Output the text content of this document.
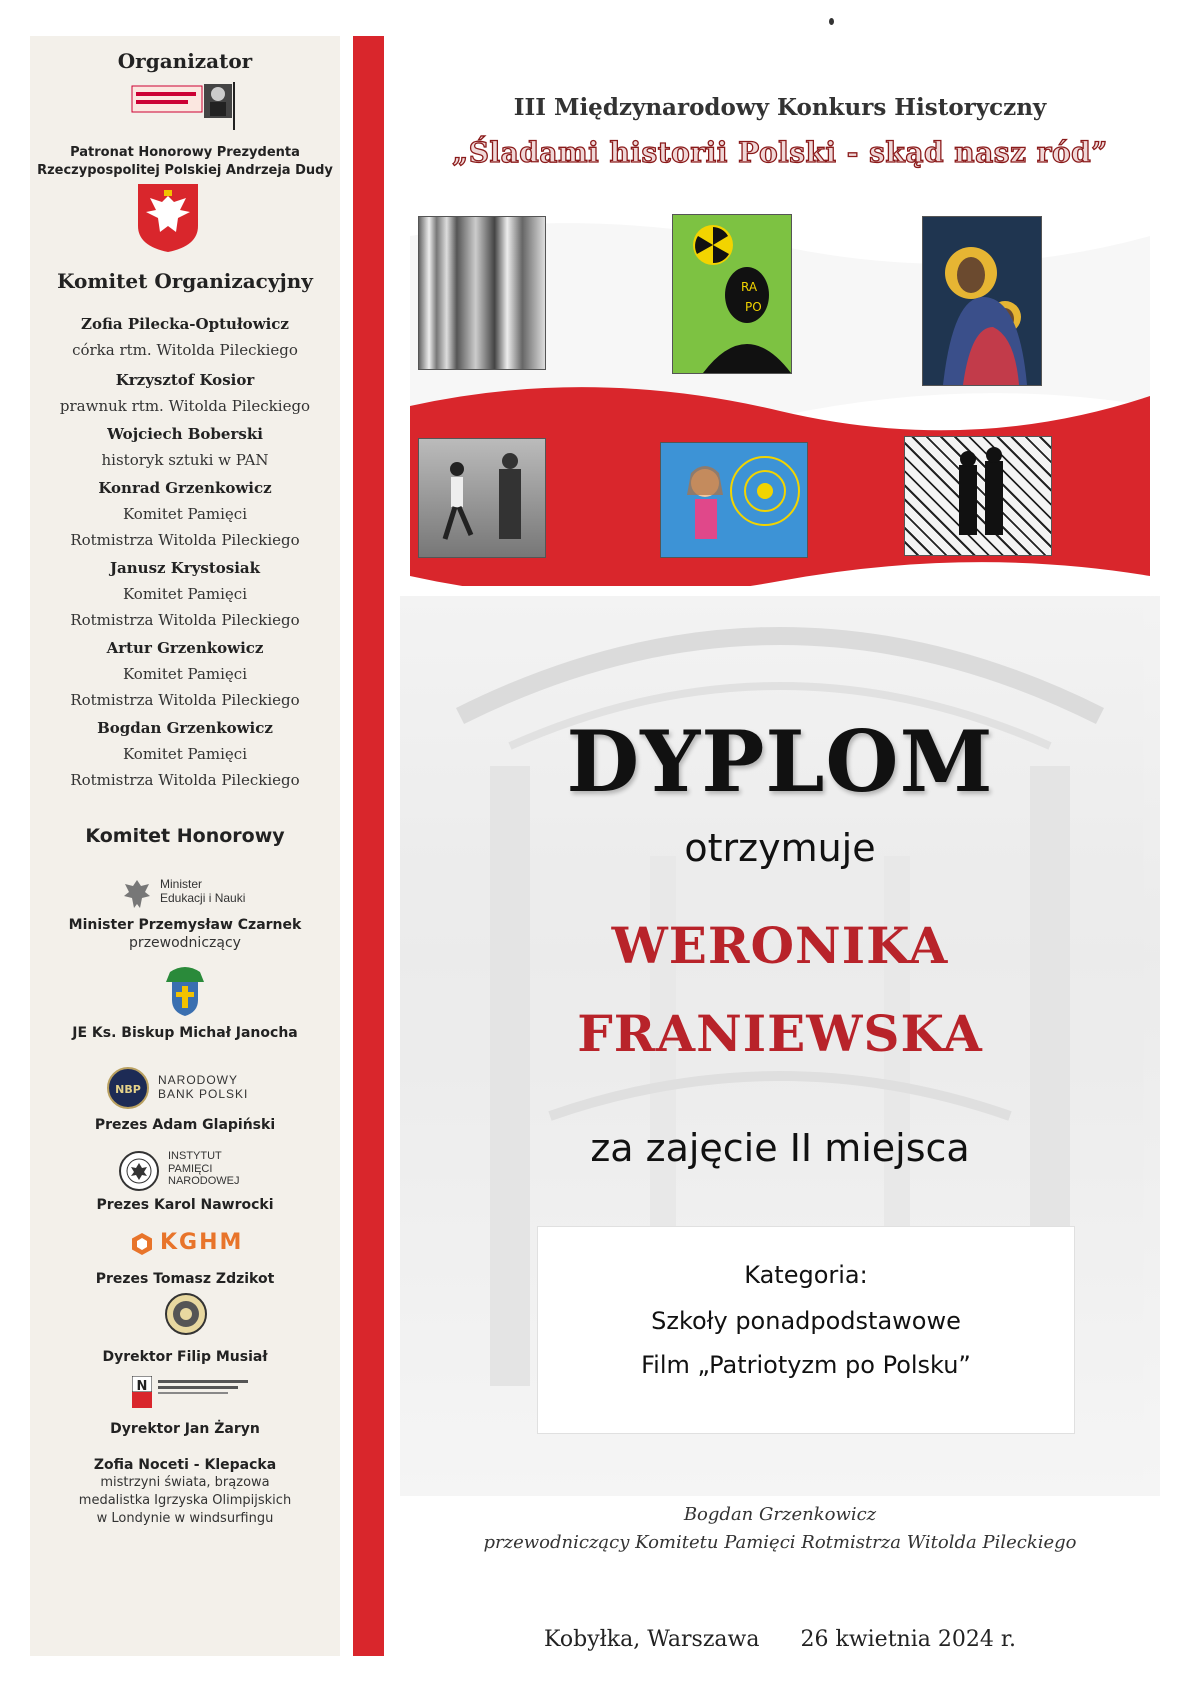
Organizator
Patronat Honorowy Prezydenta
Rzeczypospolitej Polskiej Andrzeja Dudy
Komitet Organizacyjny
Zofia Pilecka-Optułowicz
córka rtm. Witolda Pileckiego
Krzysztof Kosior
prawnuk rtm. Witolda Pileckiego
Wojciech Boberski
historyk sztuki w PAN
Konrad Grzenkowicz
Komitet Pamięci
Rotmistrza Witolda Pileckiego
Janusz Krystosiak
Komitet Pamięci
Rotmistrza Witolda Pileckiego
Artur Grzenkowicz
Komitet Pamięci
Rotmistrza Witolda Pileckiego
Bogdan Grzenkowicz
Komitet Pamięci
Rotmistrza Witolda Pileckiego
Komitet Honorowy
Minister
Edukacji i Nauki
Minister Przemysław Czarnek
przewodniczący
JE Ks. Biskup Michał Janocha
NBP
NARODOWY
BANK POLSKI
Prezes Adam Glapiński
INSTYTUT
PAMIĘCI
NARODOWEJ
Prezes Karol Nawrocki
KGHM
Prezes Tomasz Zdzikot
Dyrektor Filip Musiał
N
Dyrektor Jan Żaryn
Zofia Noceti - Klepacka
mistrzyni świata, brązowa
medalistka Igrzyska Olimpijskich
w Londynie w windsurfingu
III Międzynarodowy Konkurs Historyczny
„Śladami historii Polski - skąd nasz ród”
RA
PO
DYPLOM
otrzymuje
WERONIKA
FRANIEWSKA
za zajęcie II miejsca
Kategoria:
Szkoły ponadpodstawowe
Film „Patriotyzm po Polsku”
Bogdan Grzenkowicz
przewodniczący Komitetu Pamięci Rotmistrza Witolda Pileckiego
Kobyłka, Warszawa 26 kwietnia 2024 r.
